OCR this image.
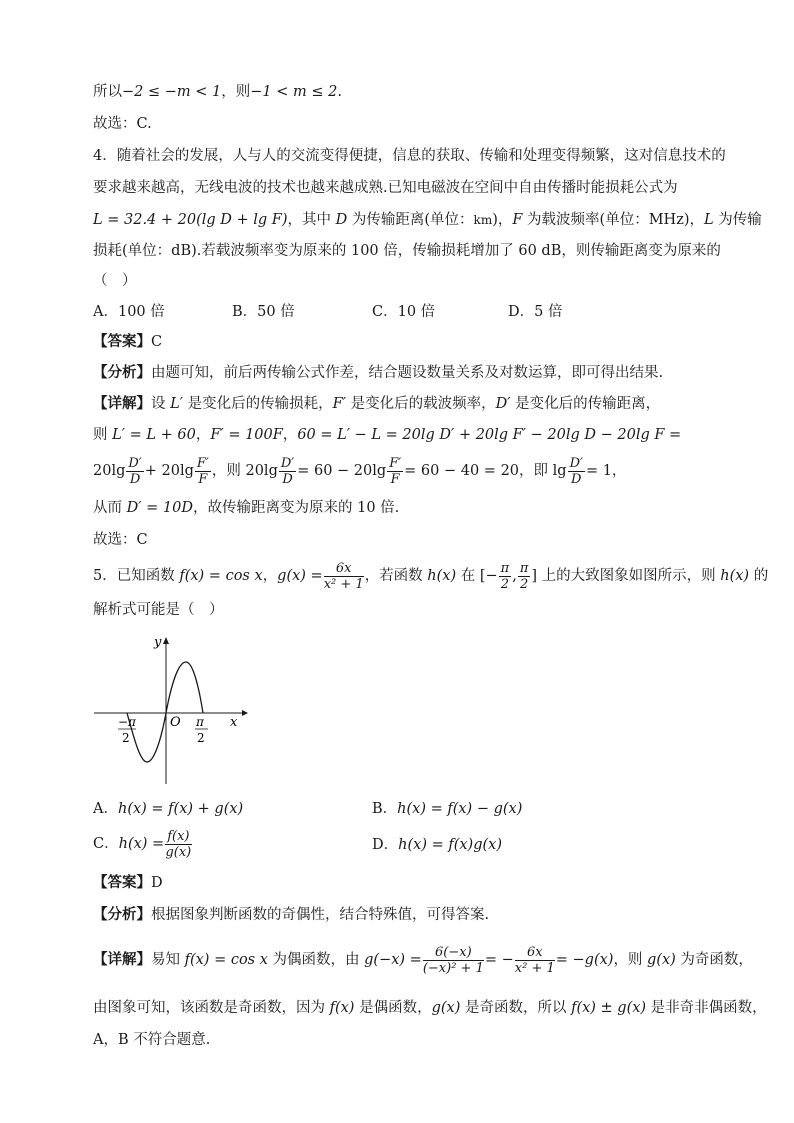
所以−2 ≤ −m < 1，则−1 < m ≤ 2.
故选：C.
4．随着社会的发展，人与人的交流变得便捷，信息的获取、传输和处理变得频繁，这对信息技术的
要求越来越高，无线电波的技术也越来越成熟.已知电磁波在空间中自由传播时能损耗公式为
L = 32.4 + 20(lg D + lg F)，其中 D 为传输距离(单位：km)，F 为载波频率(单位：MHz)，L 为传输
损耗(单位：dB).若载波频率变为原来的 100 倍，传输损耗增加了 60 dB，则传输距离变为原来的
（　）
A．100 倍	B．50 倍	C．10 倍	D．5 倍
【答案】C
【分析】由题可知，前后两传输公式作差，结合题设数量关系及对数运算，即可得出结果.
【详解】设 L′ 是变化后的传输损耗，F′ 是变化后的载波频率，D′ 是变化后的传输距离，
则 L′ = L + 60，F′ = 100F，60 = L′ − L = 20lg D′ + 20lg F′ − 20lg D − 20lg F =
$20\lg \frac{D'}{D} + 20\lg \frac{F'}{F}$ ，则 $20\lg \frac{D'}{D} = 60 - 20\lg \frac{F'}{F} = 60 - 40 = 20$，即 $\lg \frac{D'}{D} = 1$，
从而 D′ = 10D，故传输距离变为原来的 10 倍.
故选：C
5．已知函数 f(x) = cos x，$g(x) = \frac{6x}{\text{x² + 1}}$ ，若函数 h(x) 在 [− $\frac{\pi}{2}$ , $\frac{\pi}{2}$ ] 上的大致图象如图所示，则 h(x) 的
解析式可能是（　）
y
x
O
−π
2
π
2
A．h(x) = f(x) + g(x)	B．h(x) = f(x) − g(x)
C．$h(x) = \frac{f(x)}{g(x)}$	D．h(x) = f(x)g(x)
【答案】D
【分析】根据图象判断函数的奇偶性，结合特殊值，可得答案.
【详解】易知 f(x) = cos x 为偶函数，由 $g(-x) = \frac{6(-x)}{\text{(−x)² + 1}}$ = − $\frac{6x}{\text{x² + 1}} = -g(x)$，则 g(x) 为奇函数，
由图象可知，该函数是奇函数，因为 f(x) 是偶函数，g(x) 是奇函数，所以 f(x) ± g(x) 是非奇非偶函数，
A，B 不符合题意.
